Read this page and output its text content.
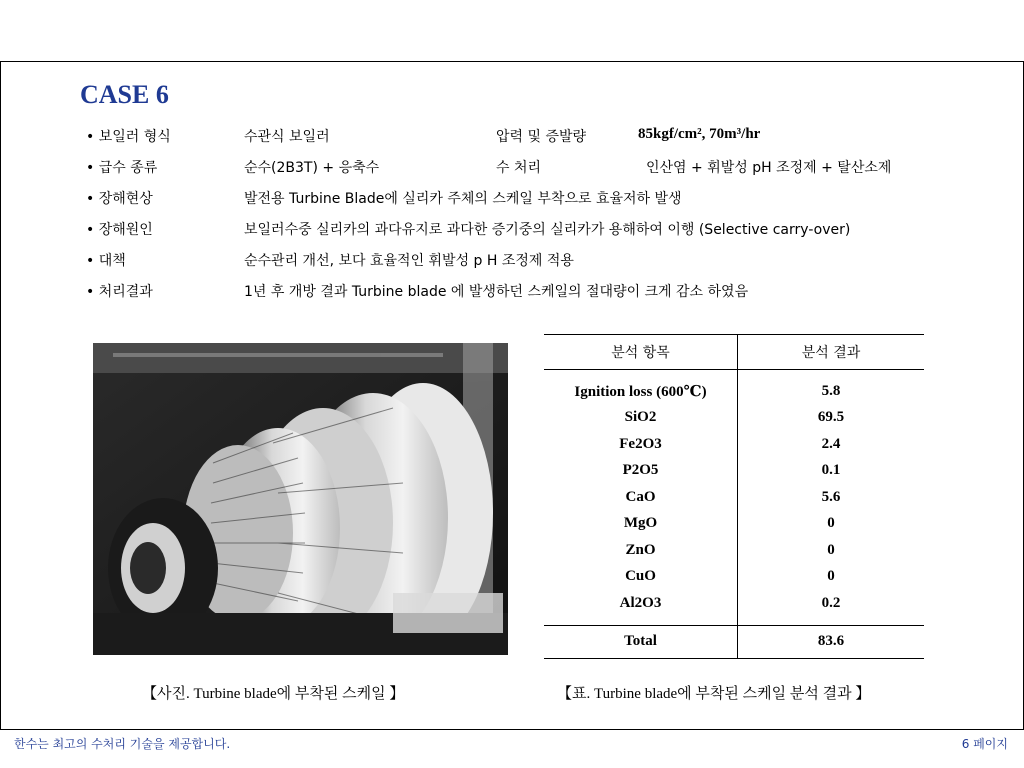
CASE 6
• 보일러 형식	수관식 보일러	압력 및 증발량	85kgf/cm², 70m³/hr
• 급수 종류	순수(2B3T) + 응축수	수 처리	인산염 + 휘발성 pH 조정제 + 탈산소제
• 장해현상	발전용 Turbine Blade에 실리카 주체의 스케일 부착으로 효율저하 발생
• 장해원인	보일러수중 실리카의 과다유지로 과다한 증기중의 실리카가 용해하여 이행 (Selective carry-over)
• 대책	순수관리 개선, 보다 효율적인 휘발성 p H 조정제 적용
• 처리결과	1년 후 개방 결과 Turbine blade 에 발생하던 스케일의 절대량이 크게 감소 하였음
분석 항목	분석 결과

Ignition loss (600℃)	5.8
SiO2	69.5
Fe2O3	2.4
P2O5	0.1
CaO	5.6
MgO	0
ZnO	0
CuO	0
Al2O3	0.2

Total	83.6
【사진. Turbine blade에 부착된 스케일 】	【표. Turbine blade에 부착된 스케일 분석 결과 】
한수는 최고의 수처리 기술을 제공합니다.	6 페이지
